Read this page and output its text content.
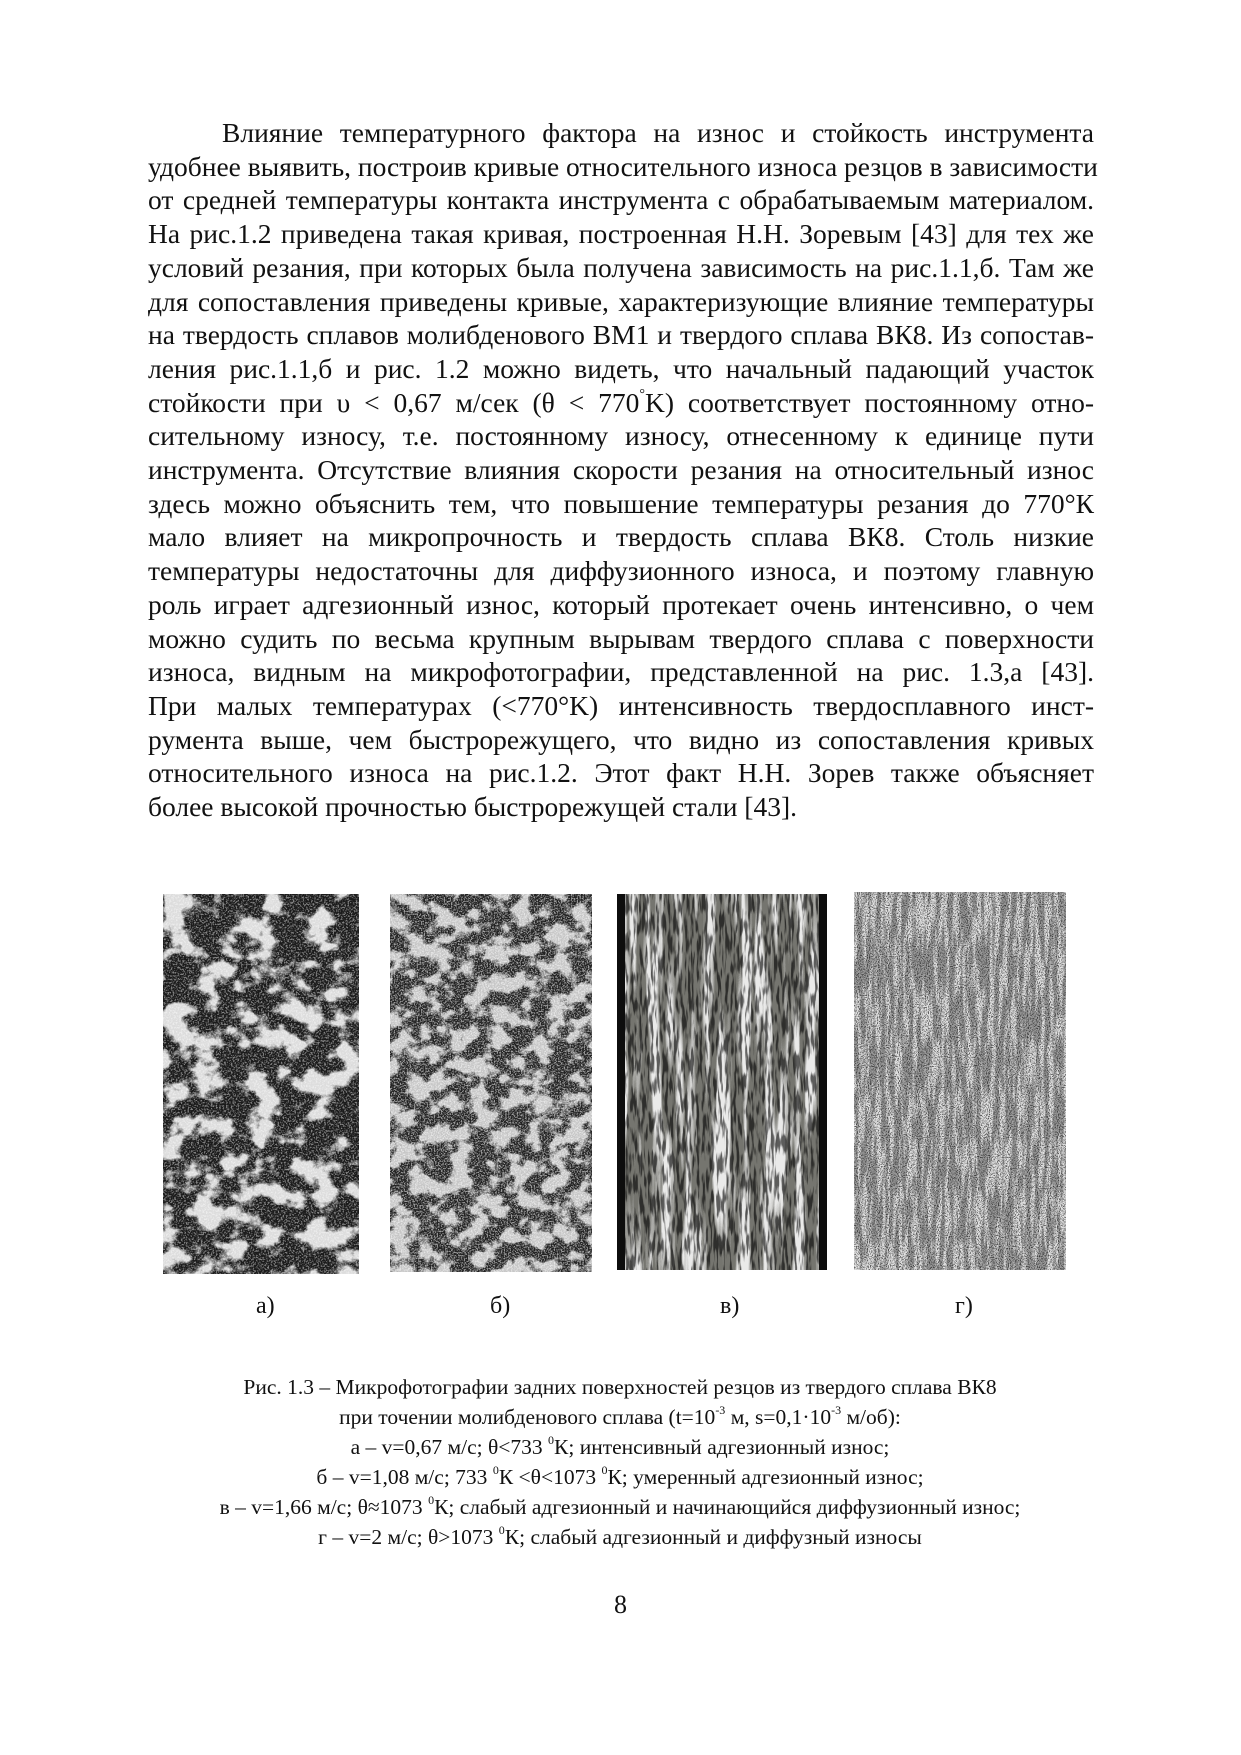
Влияние температурного фактора на износ и стойкость инструмента
удобнее выявить, построив кривые относительного износа резцов в зависимости
от средней температуры контакта инструмента с обрабатываемым материалом.
На рис.1.2 приведена такая кривая, построенная Н.Н. Зоревым [43] для тех же
условий резания, при которых была получена зависимость на рис.1.1,б. Там же
для сопоставления приведены кривые, характеризующие влияние температуры
на твердость сплавов молибденового ВМ1 и твердого сплава ВК8. Из сопостав-
ления рис.1.1,б и рис. 1.2 можно видеть, что начальный падающий участок
стойкости при υ < 0,67 м/сек (θ < 770°K) соответствует постоянному отно-
сительному износу, т.е. постоянному износу, отнесенному к единице пути
инструмента. Отсутствие влияния скорости резания на относительный износ
здесь можно объяснить тем, что повышение температуры резания до 770°К
мало влияет на микропрочность и твердость сплава ВК8. Столь низкие
температуры недостаточны для диффузионного износа, и поэтому главную
роль играет адгезионный износ, который протекает очень интенсивно, о чем
можно судить по весьма крупным вырывам твердого сплава с поверхности
износа, видным на микрофотографии, представленной на рис. 1.3,а [43].
При малых температурах (<770°K) интенсивность твердосплавного инст-
румента выше, чем быстрорежущего, что видно из сопоставления кривых
относительного износа на рис.1.2. Этот факт Н.Н. Зорев также объясняет
более высокой прочностью быстрорежущей стали [43].
а)	б)	в)	г)
Рис. 1.3 – Микрофотографии задних поверхностей резцов из твердого сплава ВК8
при точении молибденового сплава ($t=10^{-3}$ м, $s=0,1\cdot 10^{-3}$ м/об):
а – v=0,67 м/с; θ<733 $^0$К; интенсивный адгезионный износ;
б – v=1,08 м/с; 733 $^0$К <θ<1073 $^0$К; умеренный адгезионный износ;
в – v=1,66 м/с; θ≈1073 $^0$К; слабый адгезионный и начинающийся диффузионный износ;
г – v=2 м/с; θ>1073 $^0$К; слабый адгезионный и диффузный износы
8
